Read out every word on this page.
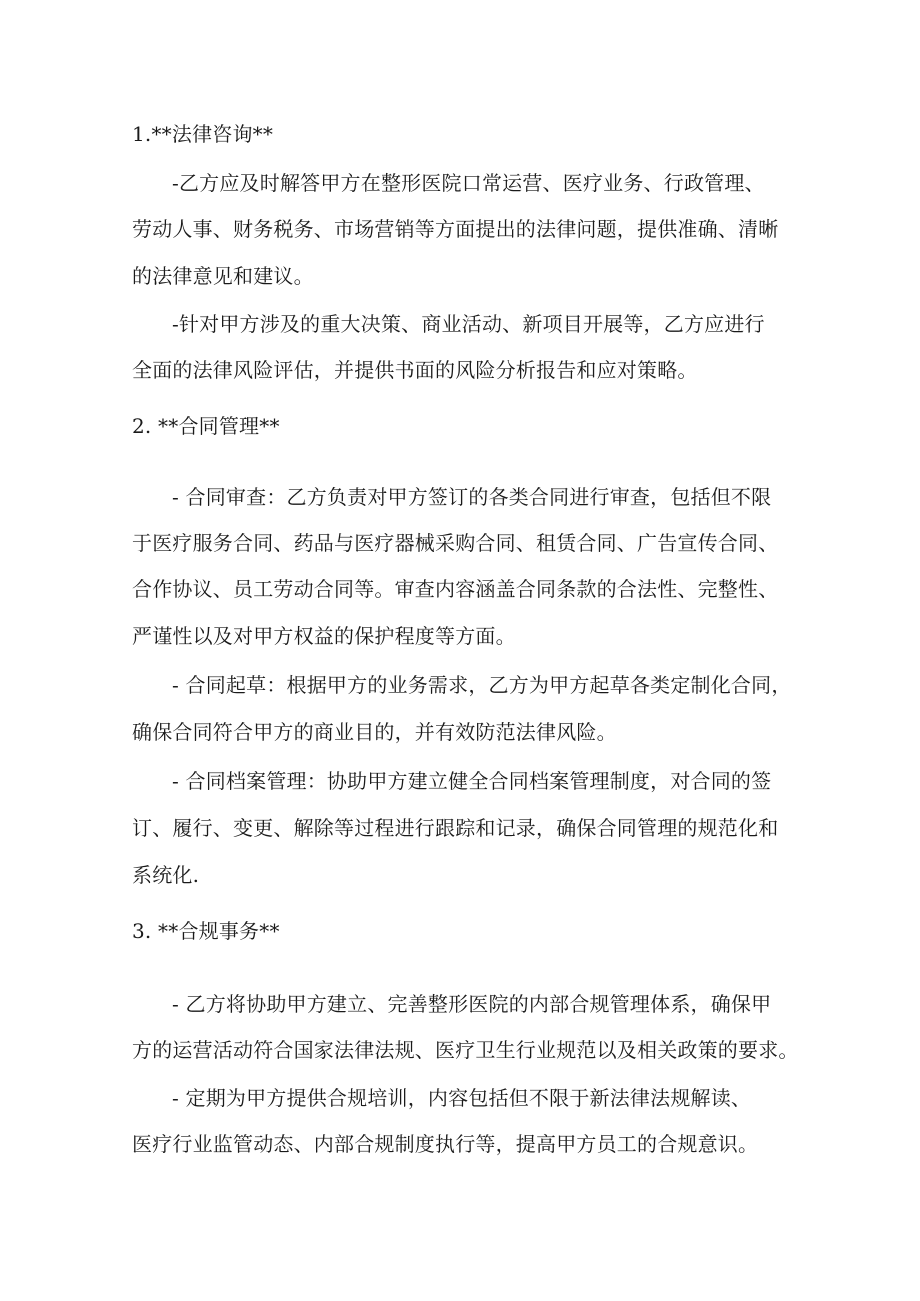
1.**法律咨询**
-乙方应及时解答甲方在整形医院口常运营、医疗业务、行政管理、
劳动人事、财务税务、市场营销等方面提出的法律问题，提供准确、清晰
的法律意见和建议。
-针对甲方涉及的重大决策、商业活动、新项目开展等，乙方应进行
全面的法律风险评估，并提供书面的风险分析报告和应对策略。
2. **合同管理**
- 合同审查：乙方负责对甲方签订的各类合同进行审查，包括但不限
于医疗服务合同、药品与医疗器械采购合同、租赁合同、广告宣传合同、
合作协议、员工劳动合同等。审查内容涵盖合同条款的合法性、完整性、
严谨性以及对甲方权益的保护程度等方面。
- 合同起草：根据甲方的业务需求，乙方为甲方起草各类定制化合同，
确保合同符合甲方的商业目的，并有效防范法律风险。
- 合同档案管理：协助甲方建立健全合同档案管理制度，对合同的签
订、履行、变更、解除等过程进行跟踪和记录，确保合同管理的规范化和
系统化.
3. **合规事务**
- 乙方将协助甲方建立、完善整形医院的内部合规管理体系，确保甲
方的运营活动符合国家法律法规、医疗卫生行业规范以及相关政策的要求。
- 定期为甲方提供合规培训，内容包括但不限于新法律法规解读、
医疗行业监管动态、内部合规制度执行等，提高甲方员工的合规意识。
